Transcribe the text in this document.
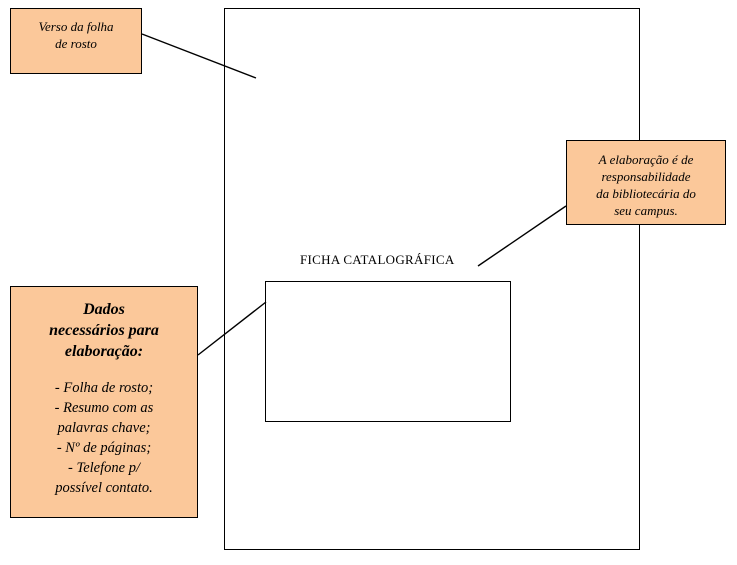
FICHA CATALOGRÁFICA
Verso da folha
de rosto
A elaboração é de
responsabilidade
da bibliotecária do
seu campus.
Dados
necessários para
elaboração:
- Folha de rosto;
- Resumo com as
palavras chave;
- Nº de páginas;
- Telefone p/
possível contato.
